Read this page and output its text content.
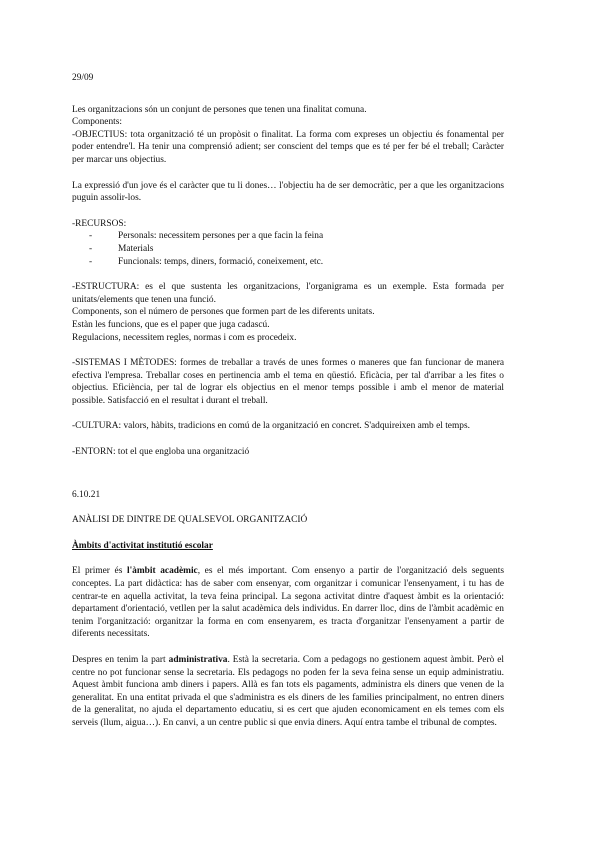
29/09

Les organitzacions són un conjunt de persones que tenen una finalitat comuna.

Components:

-OBJECTIUS: tota organització té un propòsit o finalitat. La forma com expreses un objectiu és fonamental per poder entendre'l. Ha tenir una comprensió adient; ser conscient del temps que es té per fer bé el treball; Caràcter per marcar uns objectius.

La expressió d'un jove és el caràcter que tu li dones… l'objectiu ha de ser democràtic, per a que les organitzacions puguin assolir-los.

-RECURSOS:

- Personals: necessitem persones per a que facin la feina
- Materials
- Funcionals: temps, diners, formació, coneixement, etc.

-ESTRUCTURA: es el que sustenta les organitzacions, l'organigrama es un exemple. Esta formada per unitats/elements que tenen una funció.

Components, son el número de persones que formen part de les diferents unitats.

Estàn les funcions, que es el paper que juga cadascú.

Regulacions, necessitem regles, normas i com es procedeix.

-SISTEMAS I MÈTODES: formes de treballar a través de unes formes o maneres que fan funcionar de manera efectiva l'empresa. Treballar coses en pertinencia amb el tema en qüestió. Eficàcia, per tal d'arribar a les fites o objectius. Eficiència, per tal de lograr els objectius en el menor temps possible i amb el menor de material possible. Satisfacció en el resultat i durant el treball.

-CULTURA: valors, hàbits, tradicions en comú de la organització en concret. S'adquireixen amb el temps.

-ENTORN: tot el que engloba una organització

6.10.21

ANÀLISI DE DINTRE DE QUALSEVOL ORGANITZACIÓ

Àmbits d'activitat institutió escolar

El primer és l'àmbit acadèmic, es el més important. Com ensenyo a partir de l'organització dels seguents conceptes. La part didàctica: has de saber com ensenyar, com organitzar i comunicar l'ensenyament, i tu has de centrar-te en aquella activitat, la teva feina principal. La segona activitat dintre d'aquest àmbit es la orientació: departament d'orientació, vetllen per la salut acadèmica dels individus. En darrer lloc, dins de l'àmbit acadèmic en tenim l'organització: organitzar la forma en com ensenyarem, es tracta d'organitzar l'ensenyament a partir de diferents necessitats.

Despres en tenim la part administrativa. Està la secretaria. Com a pedagogs no gestionem aquest àmbit. Però el centre no pot funcionar sense la secretaria. Els pedagogs no poden fer la seva feina sense un equip administratiu. Aquest àmbit funciona amb diners i papers. Allà es fan tots els pagaments, administra els diners que venen de la generalitat. En una entitat privada el que s'administra es els diners de les families principalment, no entren diners de la generalitat, no ajuda el departamento educatiu, si es cert que ajuden economicament en els temes com els serveis (llum, aigua…). En canvi, a un centre public si que envia diners. Aquí entra tambe el tribunal de comptes.
